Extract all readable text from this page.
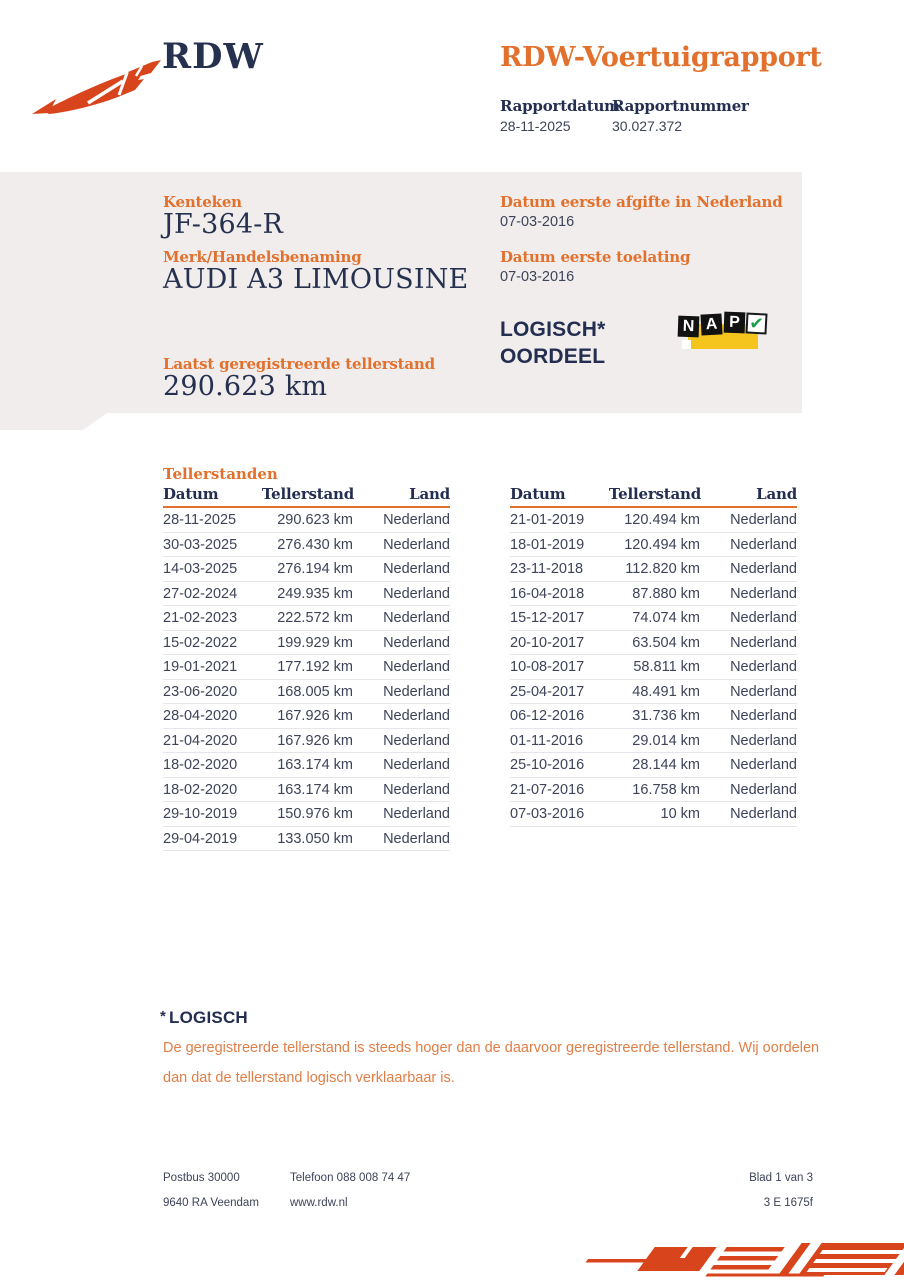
RDW	RDW-Voertuigrapport
Rapportdatum
Rapportnummer
28-11-2025	30.027.372
Kenteken
JF-364-R
Merk/Handelsbenaming
AUDI A3 LIMOUSINE
Laatst geregistreerde tellerstand
290.623 km
Datum eerste afgifte in Nederland
07-03-2016
Datum eerste toelating
07-03-2016
LOGISCH*
OORDEEL
N A P ✔
Tellerstanden
Datum	Tellerstand	Land
28-11-2025	290.623 km	Nederland
30-03-2025	276.430 km	Nederland
14-03-2025	276.194 km	Nederland
27-02-2024	249.935 km	Nederland
21-02-2023	222.572 km	Nederland
15-02-2022	199.929 km	Nederland
19-01-2021	177.192 km	Nederland
23-06-2020	168.005 km	Nederland
28-04-2020	167.926 km	Nederland
21-04-2020	167.926 km	Nederland
18-02-2020	163.174 km	Nederland
18-02-2020	163.174 km	Nederland
29-10-2019	150.976 km	Nederland
29-04-2019	133.050 km	Nederland
Datum	Tellerstand	Land
21-01-2019	120.494 km	Nederland
18-01-2019	120.494 km	Nederland
23-11-2018	112.820 km	Nederland
16-04-2018	87.880 km	Nederland
15-12-2017	74.074 km	Nederland
20-10-2017	63.504 km	Nederland
10-08-2017	58.811 km	Nederland
25-04-2017	48.491 km	Nederland
06-12-2016	31.736 km	Nederland
01-11-2016	29.014 km	Nederland
25-10-2016	28.144 km	Nederland
21-07-2016	16.758 km	Nederland
07-03-2016	10 km	Nederland
* LOGISCH
De geregistreerde tellerstand is steeds hoger dan de daarvoor geregistreerde tellerstand. Wij oordelen dan dat de tellerstand logisch verklaarbaar is.
Postbus 30000
9640 RA Veendam
Telefoon 088 008 74 47
www.rdw.nl
Blad 1 van 3
3 E 1675f
